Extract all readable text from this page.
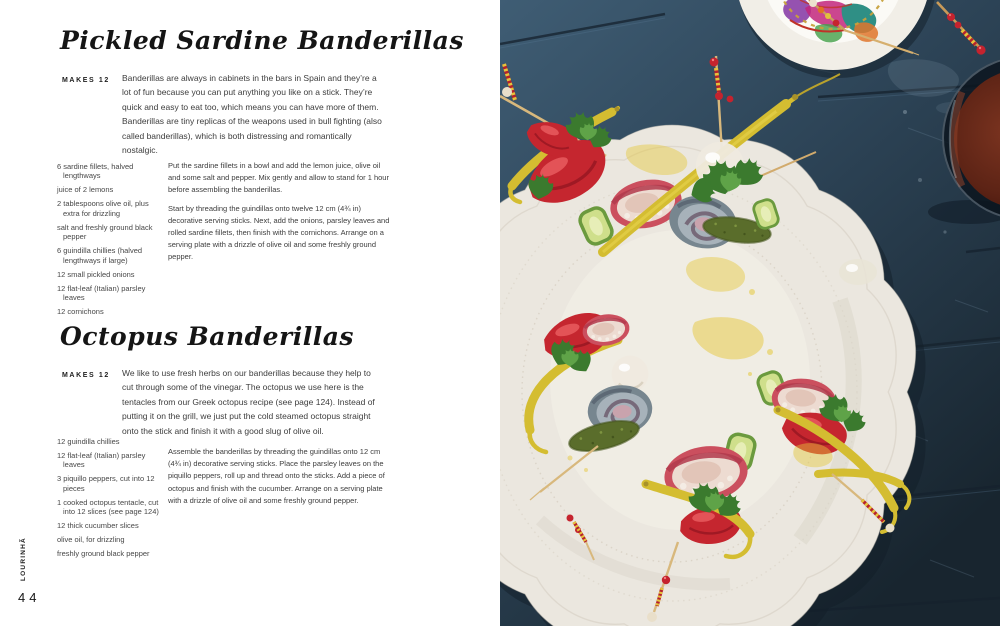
Pickled Sardine Banderillas
MAKES 12	Banderillas are always in cabinets in the bars in Spain and they’re a lot of fun because you can put anything you like on a stick. They’re quick and easy to eat too, which means you can have more of them. Banderillas are tiny replicas of the weapons used in bull fighting (also called banderillas), which is both distressing and romantically nostalgic.

6 sardine fillets, halved lengthways
juice of 2 lemons
2 tablespoons olive oil, plus extra for drizzling
salt and freshly ground black pepper
6 guindilla chillies (halved lengthways if large)
12 small pickled onions
12 flat-leaf (Italian) parsley leaves
12 cornichons

Put the sardine fillets in a bowl and add the lemon juice, olive oil and some salt and pepper. Mix gently and allow to stand for 1 hour before assembling the banderillas.

Start by threading the guindillas onto twelve 12 cm (4¾ in) decorative serving sticks. Next, add the onions, parsley leaves and rolled sardine fillets, then finish with the cornichons. Arrange on a serving plate with a drizzle of olive oil and some freshly ground pepper.

Octopus Banderillas
MAKES 12	We like to use fresh herbs on our banderillas because they help to cut through some of the vinegar. The octopus we use here is the tentacles from our Greek octopus recipe (see page 124). Instead of putting it on the grill, we just put the cold steamed octopus straight onto the stick and finish it with a good slug of olive oil.

12 guindilla chillies
12 flat-leaf (Italian) parsley leaves
3 piquillo peppers, cut into 12 pieces
1 cooked octopus tentacle, cut into 12 slices (see page 124)
12 thick cucumber slices
olive oil, for drizzling
freshly ground black pepper

Assemble the banderillas by threading the guindillas onto 12 cm (4¾ in) decorative serving sticks. Place the parsley leaves on the piquillo peppers, roll up and thread onto the sticks. Add a piece of octopus and finish with the cucumber. Arrange on a serving plate with a drizzle of olive oil and some freshly ground pepper.

LOURINHÃ
44
